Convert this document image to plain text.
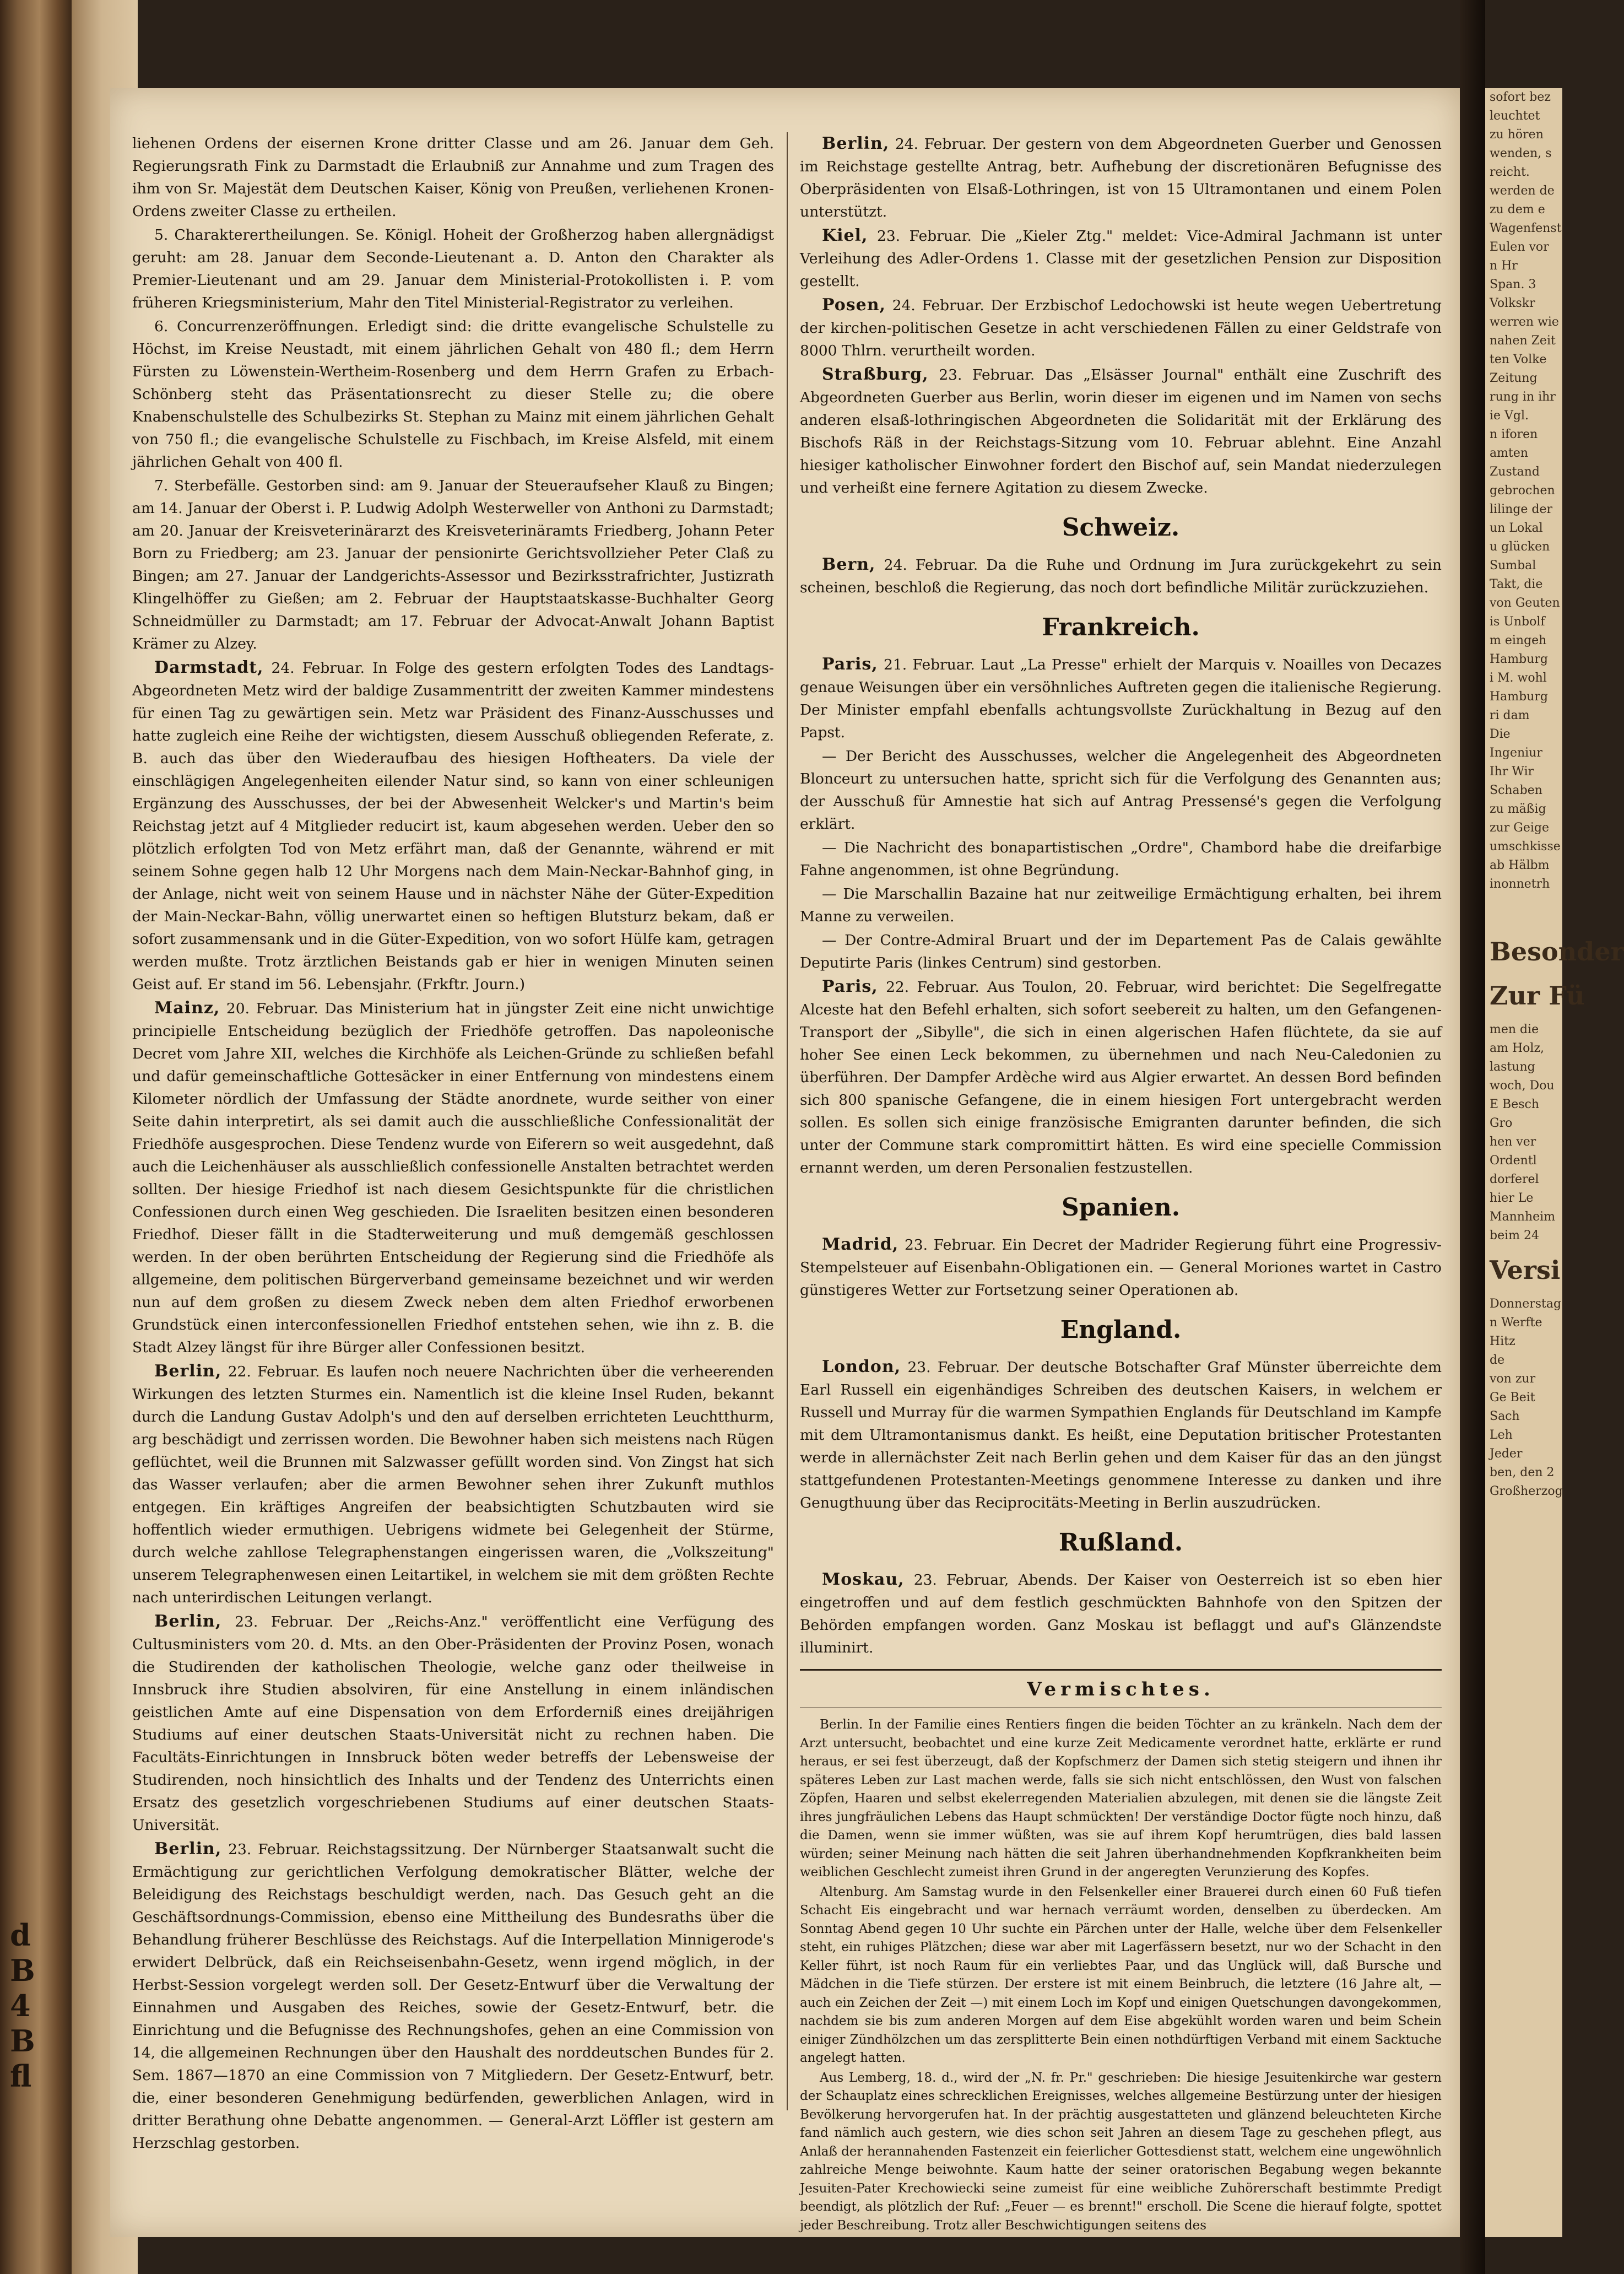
d
B
4
B
fl

liehenen Ordens der eisernen Krone dritter Classe und am 26. Januar dem Geh. Regierungsrath Fink zu Darmstadt die Erlaubniß zur Annahme und zum Tragen des ihm von Sr. Majestät dem Deutschen Kaiser, König von Preußen, verliehenen Kronen-Ordens zweiter Classe zu ertheilen.

5. Charakterertheilungen. Se. Königl. Hoheit der Großherzog haben allergnädigst geruht: am 28. Januar dem Seconde-Lieutenant a. D. Anton den Charakter als Premier-Lieutenant und am 29. Januar dem Ministerial-Protokollisten i. P. vom früheren Kriegsministerium, Mahr den Titel Ministerial-Registrator zu verleihen.

6. Concurrenzeröffnungen. Erledigt sind: die dritte evangelische Schulstelle zu Höchst, im Kreise Neustadt, mit einem jährlichen Gehalt von 480 fl.; dem Herrn Fürsten zu Löwenstein-Wertheim-Rosenberg und dem Herrn Grafen zu Erbach-Schönberg steht das Präsentationsrecht zu dieser Stelle zu; die obere Knabenschulstelle des Schulbezirks St. Stephan zu Mainz mit einem jährlichen Gehalt von 750 fl.; die evangelische Schulstelle zu Fischbach, im Kreise Alsfeld, mit einem jährlichen Gehalt von 400 fl.

7. Sterbefälle. Gestorben sind: am 9. Januar der Steueraufseher Klauß zu Bingen; am 14. Januar der Oberst i. P. Ludwig Adolph Westerweller von Anthoni zu Darmstadt; am 20. Januar der Kreisveterinärarzt des Kreisveterinäramts Friedberg, Johann Peter Born zu Friedberg; am 23. Januar der pensionirte Gerichtsvollzieher Peter Claß zu Bingen; am 27. Januar der Landgerichts-Assessor und Bezirksstrafrichter, Justizrath Klingelhöffer zu Gießen; am 2. Februar der Hauptstaatskasse-Buchhalter Georg Schneidmüller zu Darmstadt; am 17. Februar der Advocat-Anwalt Johann Baptist Krämer zu Alzey.

Darmstadt, 24. Februar. In Folge des gestern erfolgten Todes des Landtags-Abgeordneten Metz wird der baldige Zusammentritt der zweiten Kammer mindestens für einen Tag zu gewärtigen sein. Metz war Präsident des Finanz-Ausschusses und hatte zugleich eine Reihe der wichtigsten, diesem Ausschuß obliegenden Referate, z. B. auch das über den Wiederaufbau des hiesigen Hoftheaters. Da viele der einschlägigen Angelegenheiten eilender Natur sind, so kann von einer schleunigen Ergänzung des Ausschusses, der bei der Abwesenheit Welcker's und Martin's beim Reichstag jetzt auf 4 Mitglieder reducirt ist, kaum abgesehen werden. Ueber den so plötzlich erfolgten Tod von Metz erfährt man, daß der Genannte, während er mit seinem Sohne gegen halb 12 Uhr Morgens nach dem Main-Neckar-Bahnhof ging, in der Anlage, nicht weit von seinem Hause und in nächster Nähe der Güter-Expedition der Main-Neckar-Bahn, völlig unerwartet einen so heftigen Blutsturz bekam, daß er sofort zusammensank und in die Güter-Expedition, von wo sofort Hülfe kam, getragen werden mußte. Trotz ärztlichen Beistands gab er hier in wenigen Minuten seinen Geist auf. Er stand im 56. Lebensjahr. (Frkftr. Journ.)

Mainz, 20. Februar. Das Ministerium hat in jüngster Zeit eine nicht unwichtige principielle Entscheidung bezüglich der Friedhöfe getroffen. Das napoleonische Decret vom Jahre XII, welches die Kirchhöfe als Leichen-Gründe zu schließen befahl und dafür gemeinschaftliche Gottesäcker in einer Entfernung von mindestens einem Kilometer nördlich der Umfassung der Städte anordnete, wurde seither von einer Seite dahin interpretirt, als sei damit auch die ausschließliche Confessionalität der Friedhöfe ausgesprochen. Diese Tendenz wurde von Eiferern so weit ausgedehnt, daß auch die Leichenhäuser als ausschließlich confessionelle Anstalten betrachtet werden sollten. Der hiesige Friedhof ist nach diesem Gesichtspunkte für die christlichen Confessionen durch einen Weg geschieden. Die Israeliten besitzen einen besonderen Friedhof. Dieser fällt in die Stadterweiterung und muß demgemäß geschlossen werden. In der oben berührten Entscheidung der Regierung sind die Friedhöfe als allgemeine, dem politischen Bürgerverband gemeinsame bezeichnet und wir werden nun auf dem großen zu diesem Zweck neben dem alten Friedhof erworbenen Grundstück einen interconfessionellen Friedhof entstehen sehen, wie ihn z. B. die Stadt Alzey längst für ihre Bürger aller Confessionen besitzt.

Berlin, 22. Februar. Es laufen noch neuere Nachrichten über die verheerenden Wirkungen des letzten Sturmes ein. Namentlich ist die kleine Insel Ruden, bekannt durch die Landung Gustav Adolph's und den auf derselben errichteten Leuchtthurm, arg beschädigt und zerrissen worden. Die Bewohner haben sich meistens nach Rügen geflüchtet, weil die Brunnen mit Salzwasser gefüllt worden sind. Von Zingst hat sich das Wasser verlaufen; aber die armen Bewohner sehen ihrer Zukunft muthlos entgegen. Ein kräftiges Angreifen der beabsichtigten Schutzbauten wird sie hoffentlich wieder ermuthigen. Uebrigens widmete bei Gelegenheit der Stürme, durch welche zahllose Telegraphenstangen eingerissen waren, die „Volkszeitung" unserem Telegraphenwesen einen Leitartikel, in welchem sie mit dem größten Rechte nach unterirdischen Leitungen verlangt.

Berlin, 23. Februar. Der „Reichs-Anz." veröffentlicht eine Verfügung des Cultusministers vom 20. d. Mts. an den Ober-Präsidenten der Provinz Posen, wonach die Studirenden der katholischen Theologie, welche ganz oder theilweise in Innsbruck ihre Studien absolviren, für eine Anstellung in einem inländischen geistlichen Amte auf eine Dispensation von dem Erforderniß eines dreijährigen Studiums auf einer deutschen Staats-Universität nicht zu rechnen haben. Die Facultäts-Einrichtungen in Innsbruck böten weder betreffs der Lebensweise der Studirenden, noch hinsichtlich des Inhalts und der Tendenz des Unterrichts einen Ersatz des gesetzlich vorgeschriebenen Studiums auf einer deutschen Staats-Universität.

Berlin, 23. Februar. Reichstagssitzung. Der Nürnberger Staatsanwalt sucht die Ermächtigung zur gerichtlichen Verfolgung demokratischer Blätter, welche der Beleidigung des Reichstags beschuldigt werden, nach. Das Gesuch geht an die Geschäftsordnungs-Commission, ebenso eine Mittheilung des Bundesraths über die Behandlung früherer Beschlüsse des Reichstags. Auf die Interpellation Minnigerode's erwidert Delbrück, daß ein Reichseisenbahn-Gesetz, wenn irgend möglich, in der Herbst-Session vorgelegt werden soll. Der Gesetz-Entwurf über die Verwaltung der Einnahmen und Ausgaben des Reiches, sowie der Gesetz-Entwurf, betr. die Einrichtung und die Befugnisse des Rechnungshofes, gehen an eine Commission von 14, die allgemeinen Rechnungen über den Haushalt des norddeutschen Bundes für 2. Sem. 1867—1870 an eine Commission von 7 Mitgliedern. Der Gesetz-Entwurf, betr. die, einer besonderen Genehmigung bedürfenden, gewerblichen Anlagen, wird in dritter Berathung ohne Debatte angenommen. — General-Arzt Löffler ist gestern am Herzschlag gestorben.

Berlin, 24. Februar. Der gestern von dem Abgeordneten Guerber und Genossen im Reichstage gestellte Antrag, betr. Aufhebung der discretionären Befugnisse des Oberpräsidenten von Elsaß-Lothringen, ist von 15 Ultramontanen und einem Polen unterstützt.

Kiel, 23. Februar. Die „Kieler Ztg." meldet: Vice-Admiral Jachmann ist unter Verleihung des Adler-Ordens 1. Classe mit der gesetzlichen Pension zur Disposition gestellt.

Posen, 24. Februar. Der Erzbischof Ledochowski ist heute wegen Uebertretung der kirchen-politischen Gesetze in acht verschiedenen Fällen zu einer Geldstrafe von 8000 Thlrn. verurtheilt worden.

Straßburg, 23. Februar. Das „Elsässer Journal" enthält eine Zuschrift des Abgeordneten Guerber aus Berlin, worin dieser im eigenen und im Namen von sechs anderen elsaß-lothringischen Abgeordneten die Solidarität mit der Erklärung des Bischofs Räß in der Reichstags-Sitzung vom 10. Februar ablehnt. Eine Anzahl hiesiger katholischer Einwohner fordert den Bischof auf, sein Mandat niederzulegen und verheißt eine fernere Agitation zu diesem Zwecke.

Schweiz.

Bern, 24. Februar. Da die Ruhe und Ordnung im Jura zurückgekehrt zu sein scheinen, beschloß die Regierung, das noch dort befindliche Militär zurückzuziehen.

Frankreich.

Paris, 21. Februar. Laut „La Presse" erhielt der Marquis v. Noailles von Decazes genaue Weisungen über ein versöhnliches Auftreten gegen die italienische Regierung. Der Minister empfahl ebenfalls achtungsvollste Zurückhaltung in Bezug auf den Papst.

— Der Bericht des Ausschusses, welcher die Angelegenheit des Abgeordneten Blonceurt zu untersuchen hatte, spricht sich für die Verfolgung des Genannten aus; der Ausschuß für Amnestie hat sich auf Antrag Pressensé's gegen die Verfolgung erklärt.

— Die Nachricht des bonapartistischen „Ordre", Chambord habe die dreifarbige Fahne angenommen, ist ohne Begründung.

— Die Marschallin Bazaine hat nur zeitweilige Ermächtigung erhalten, bei ihrem Manne zu verweilen.

— Der Contre-Admiral Bruart und der im Departement Pas de Calais gewählte Deputirte Paris (linkes Centrum) sind gestorben.

Paris, 22. Februar. Aus Toulon, 20. Februar, wird berichtet: Die Segelfregatte Alceste hat den Befehl erhalten, sich sofort seebereit zu halten, um den Gefangenen-Transport der „Sibylle", die sich in einen algerischen Hafen flüchtete, da sie auf hoher See einen Leck bekommen, zu übernehmen und nach Neu-Caledonien zu überführen. Der Dampfer Ardèche wird aus Algier erwartet. An dessen Bord befinden sich 800 spanische Gefangene, die in einem hiesigen Fort untergebracht werden sollen. Es sollen sich einige französische Emigranten darunter befinden, die sich unter der Commune stark compromittirt hätten. Es wird eine specielle Commission ernannt werden, um deren Personalien festzustellen.

Spanien.

Madrid, 23. Februar. Ein Decret der Madrider Regierung führt eine Progressiv-Stempelsteuer auf Eisenbahn-Obligationen ein. — General Moriones wartet in Castro günstigeres Wetter zur Fortsetzung seiner Operationen ab.

England.

London, 23. Februar. Der deutsche Botschafter Graf Münster überreichte dem Earl Russell ein eigenhändiges Schreiben des deutschen Kaisers, in welchem er Russell und Murray für die warmen Sympathien Englands für Deutschland im Kampfe mit dem Ultramontanismus dankt. Es heißt, eine Deputation britischer Protestanten werde in allernächster Zeit nach Berlin gehen und dem Kaiser für das an den jüngst stattgefundenen Protestanten-Meetings genommene Interesse zu danken und ihre Genugthuung über das Reciprocitäts-Meeting in Berlin auszudrücken.

Rußland.

Moskau, 23. Februar, Abends. Der Kaiser von Oesterreich ist so eben hier eingetroffen und auf dem festlich geschmückten Bahnhofe von den Spitzen der Behörden empfangen worden. Ganz Moskau ist beflaggt und auf's Glänzendste illuminirt.

Vermischtes.

Berlin. In der Familie eines Rentiers fingen die beiden Töchter an zu kränkeln. Nach dem der Arzt untersucht, beobachtet und eine kurze Zeit Medicamente verordnet hatte, erklärte er rund heraus, er sei fest überzeugt, daß der Kopfschmerz der Damen sich stetig steigern und ihnen ihr späteres Leben zur Last machen werde, falls sie sich nicht entschlössen, den Wust von falschen Zöpfen, Haaren und selbst ekelerregenden Materialien abzulegen, mit denen sie die längste Zeit ihres jungfräulichen Lebens das Haupt schmückten! Der verständige Doctor fügte noch hinzu, daß die Damen, wenn sie immer wüßten, was sie auf ihrem Kopf herumtrügen, dies bald lassen würden; seiner Meinung nach hätten die seit Jahren überhandnehmenden Kopfkrankheiten beim weiblichen Geschlecht zumeist ihren Grund in der angeregten Verunzierung des Kopfes.

Altenburg. Am Samstag wurde in den Felsenkeller einer Brauerei durch einen 60 Fuß tiefen Schacht Eis eingebracht und war hernach verräumt worden, denselben zu überdecken. Am Sonntag Abend gegen 10 Uhr suchte ein Pärchen unter der Halle, welche über dem Felsenkeller steht, ein ruhiges Plätzchen; diese war aber mit Lagerfässern besetzt, nur wo der Schacht in den Keller führt, ist noch Raum für ein verliebtes Paar, und das Unglück will, daß Bursche und Mädchen in die Tiefe stürzen. Der erstere ist mit einem Beinbruch, die letztere (16 Jahre alt, — auch ein Zeichen der Zeit —) mit einem Loch im Kopf und einigen Quetschungen davongekommen, nachdem sie bis zum anderen Morgen auf dem Eise abgekühlt worden waren und beim Schein einiger Zündhölzchen um das zersplitterte Bein einen nothdürftigen Verband mit einem Sacktuche angelegt hatten.

Aus Lemberg, 18. d., wird der „N. fr. Pr." geschrieben: Die hiesige Jesuitenkirche war gestern der Schauplatz eines schrecklichen Ereignisses, welches allgemeine Bestürzung unter der hiesigen Bevölkerung hervorgerufen hat. In der prächtig ausgestatteten und glänzend beleuchteten Kirche fand nämlich auch gestern, wie dies schon seit Jahren an diesem Tage zu geschehen pflegt, aus Anlaß der herannahenden Fastenzeit ein feierlicher Gottesdienst statt, welchem eine ungewöhnlich zahlreiche Menge beiwohnte. Kaum hatte der seiner oratorischen Begabung wegen bekannte Jesuiten-Pater Krechowiecki seine zumeist für eine weibliche Zuhörerschaft bestimmte Predigt beendigt, als plötzlich der Ruf: „Feuer — es brennt!" erscholl. Die Scene die hierauf folgte, spottet jeder Beschreibung. Trotz aller Beschwichtigungen seitens des

sofort bez
leuchtet
zu hören
wenden, s
reicht.
werden de
zu dem e
Wagenfenst
Eulen vor
n Hr
Span. 3
Volkskr
werren wie
nahen Zeit
ten Volke
Zeitung
rung in ihr
ie Vgl.
n iforen
amten
Zustand
gebrochen
lilinge der
un Lokal
u glücken
Sumbal
Takt, die
von Geuten
is Unbolf
m eingeh
Hamburg
i M. wohl
Hamburg
ri dam
Die
Ingeniur
Ihr Wir
Schaben
zu mäßig
zur Geige
umschkisse
ab Hälbm
inonnetrh
Besonder
Zur Fü
men die
am Holz,
lastung
woch, Dou
E Besch
Gro
hen ver
Ordentl
dorferel
hier Le
Mannheim
beim 24
Versi
Donnerstag
n Werfte
Hitz
de
von zur
Ge Beit
Sach
Leh
Jeder
ben, den 2
Großherzog
